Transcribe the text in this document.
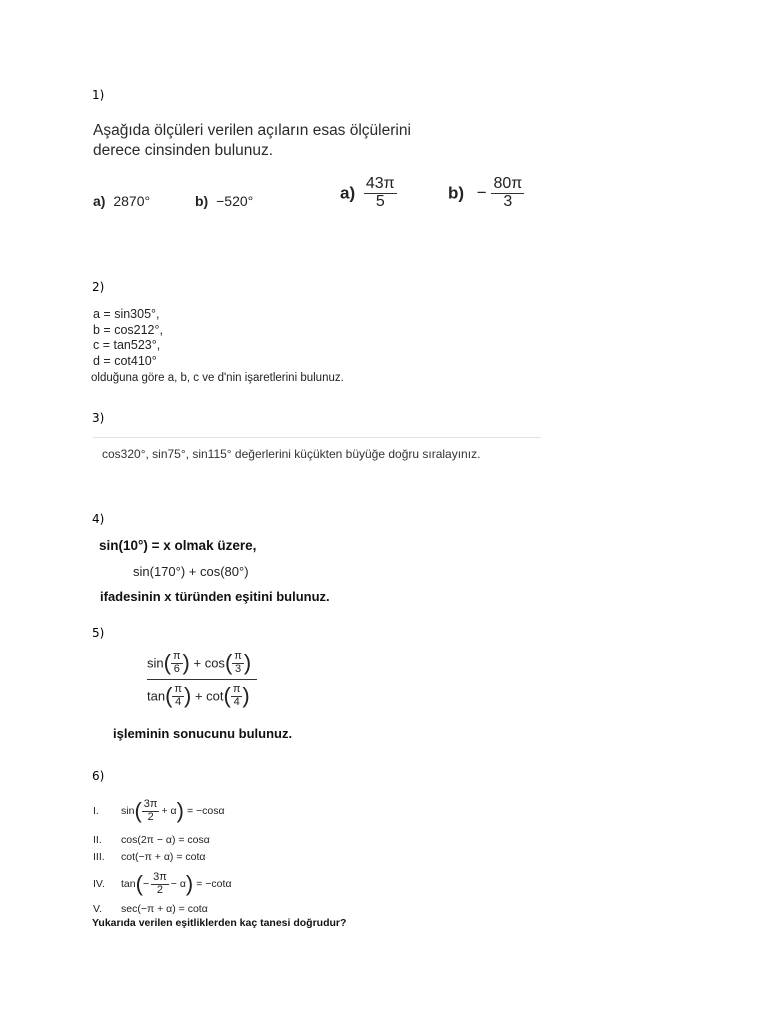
1)
Aşağıda ölçüleri verilen açıların esas ölçülerini
derece cinsinden bulunuz.
a) 2870°	b) −520°	$a) \frac{43\pi}{5}$	$b) - \frac{80\pi}{3}$
2)
a = sin305°,
b = cos212°,
c = tan523°,
d = cot410°
olduğuna göre a, b, c ve d'nin işaretlerini bulunuz.
3)
cos320°, sin75°, sin115° değerlerini küçükten büyüğe doğru sıralayınız.
4)
sin(10°) = x olmak üzere,
sin(170°) + cos(80°)
ifadesinin x türünden eşitini bulunuz.
5)
$\sin( \frac{\pi}{6}$ ) + $\cos( \frac{\pi}{3}$ )
$\tan( \frac{\pi}{4}$ ) + $\cot( \frac{\pi}{4}$ )
işleminin sonucunu bulunuz.
6)
I. $\sin( \frac{3\pi}{2} + \alpha) = -\cos\alpha$
II. cos(2π − α) = cosα
III. cot(−π + α) = cotα
IV. $\tan(- \frac{3\pi}{2} - \alpha) = -\cot\alpha$
V. sec(−π + α) = cotα
Yukarıda verilen eşitliklerden kaç tanesi doğrudur?
